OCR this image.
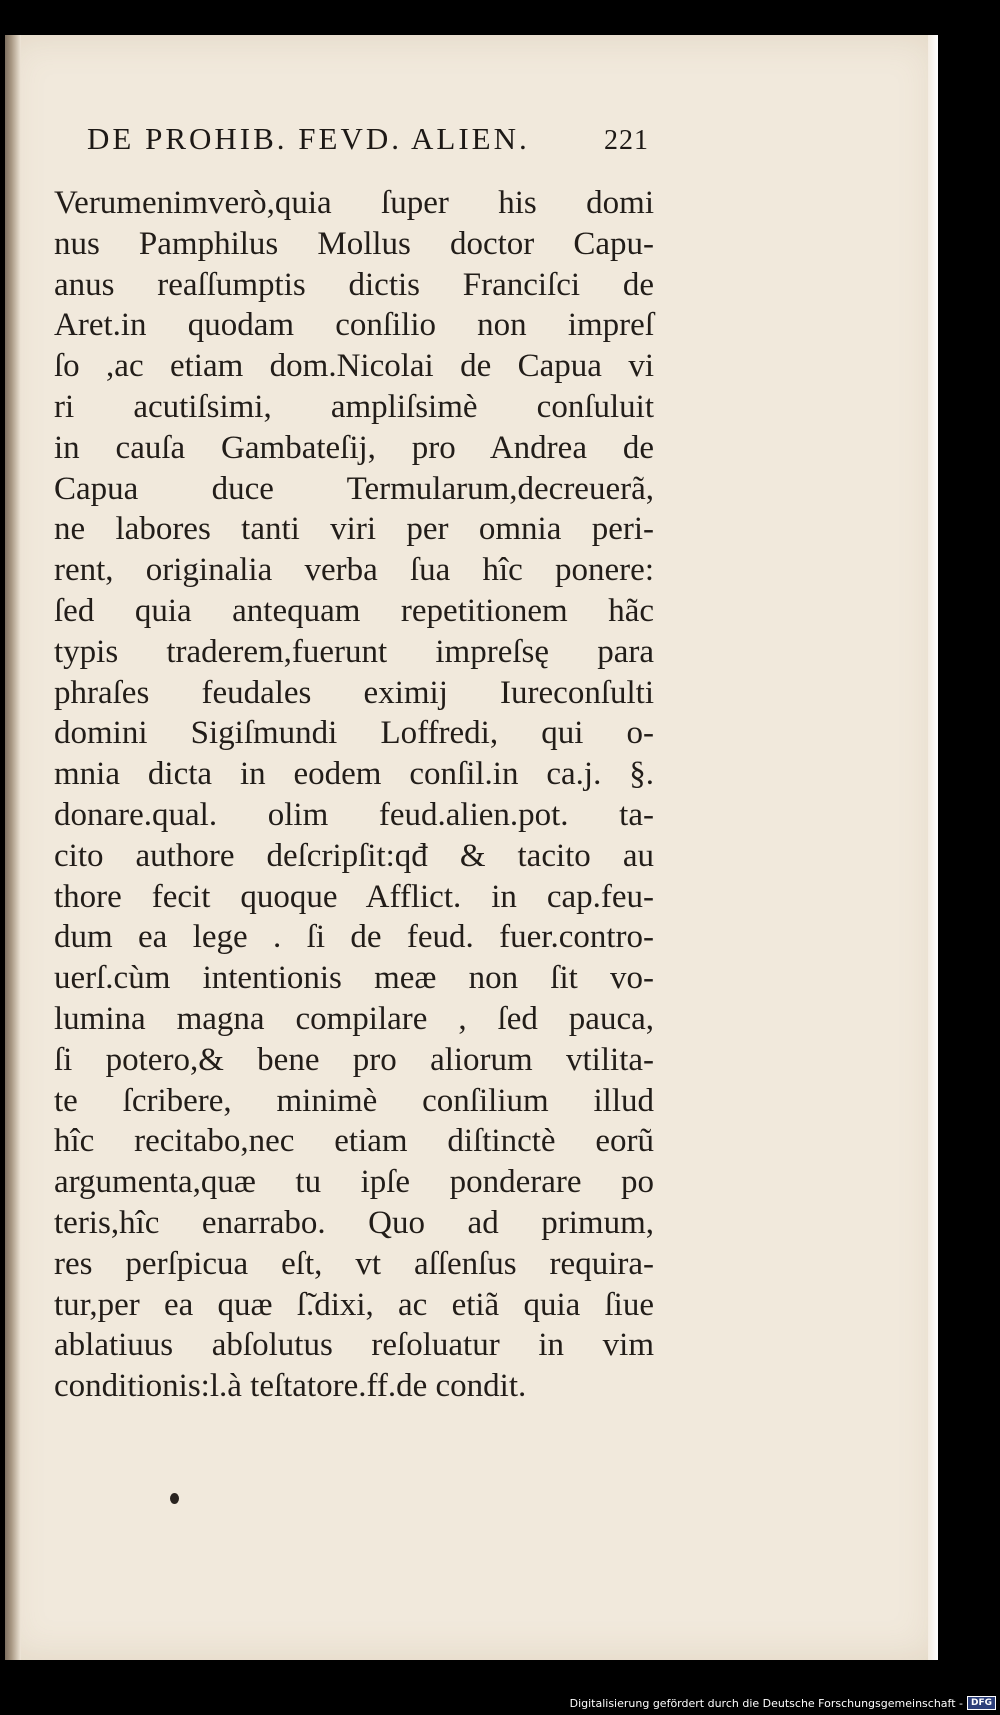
DE PROHIB. FEVD. ALIEN.	221
Verumenimverò,quia ſuper his domi
nus Pamphilus Mollus doctor Capu-
anus reaſſumptis dictis Franciſci de
Aret.in quodam conſilio non impreſ
ſo ,ac etiam dom.Nicolai de Capua vi
ri acutiſsimi, ampliſsimè conſuluit
in cauſa Gambateſij, pro Andrea de
Capua duce Termularum,decreuerã,
ne labores tanti viri per omnia peri-
rent, originalia verba ſua hîc ponere:
ſed quia antequam repetitionem hãc
typis traderem,fuerunt impreſsę para
phraſes feudales eximij Iureconſulti
domini Sigiſmundi Loffredi, qui o-
mnia dicta in eodem conſil.in ca.j. §.
donare.qual. olim feud.alien.pot. ta-
cito authore deſcripſit:qđ & tacito au
thore fecit quoque Afflict. in cap.feu-
dum ea lege . ſi de feud. fuer.contro-
uerſ.cùm intentionis meæ non ſit vo-
lumina magna compilare , ſed pauca,
ſi potero,& bene pro aliorum vtilita-
te ſcribere, minimè conſilium illud
hîc recitabo,nec etiam diſtinctè eorũ
argumenta,quæ tu ipſe ponderare po
teris,hîc enarrabo. Quo ad primum,
res perſpicua eſt, vt aſſenſus requira-
tur,per ea quæ ſ̃.dixi, ac etiã quia ſiue
ablatiuus abſolutus reſoluatur in vim
conditionis:l.à teſtatore.ff.de condit.
Digitalisierung gefördert durch die Deutsche Forschungsgemeinschaft - DFG
